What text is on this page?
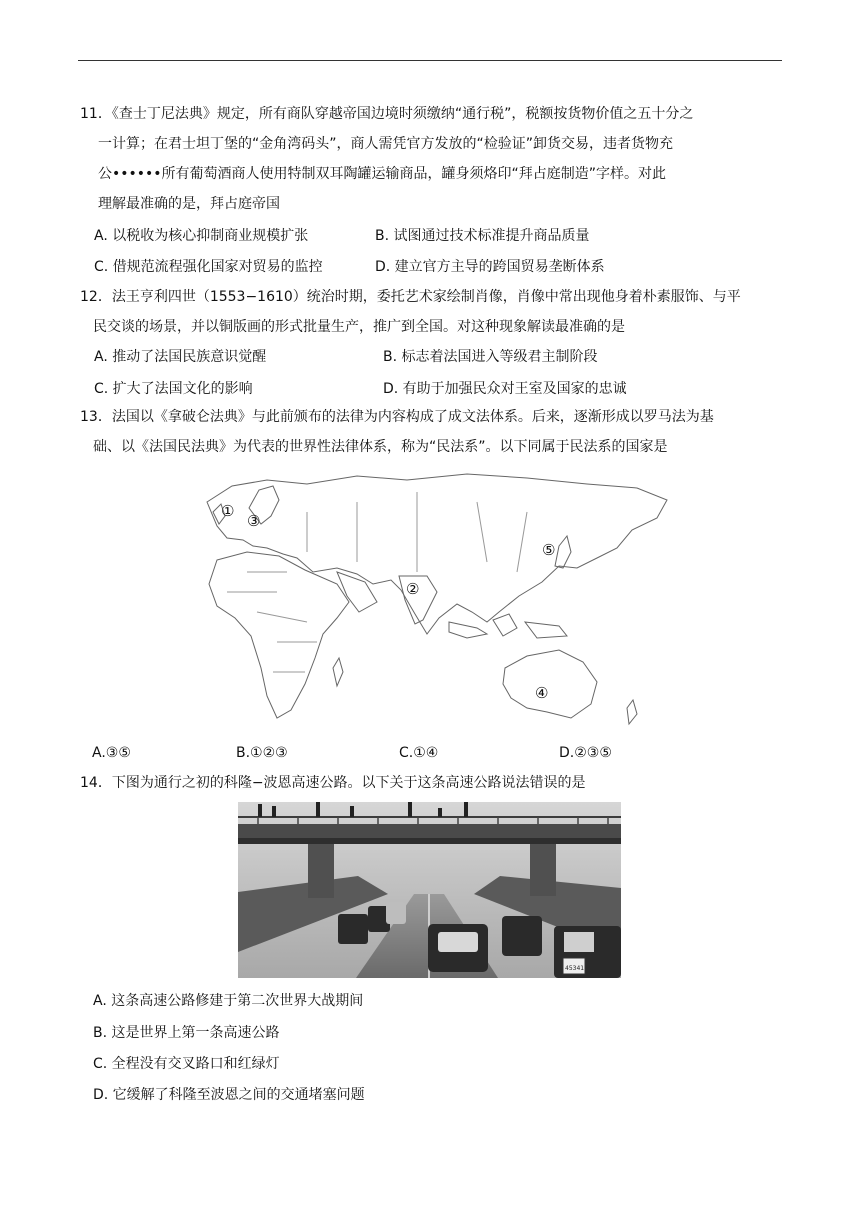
11．《查士丁尼法典》规定，所有商队穿越帝国边境时须缴纳“通行税”，税额按货物价值之五十分之
一计算；在君士坦丁堡的“金角湾码头”，商人需凭官方发放的“检验证”卸货交易，违者货物充
公••••••所有葡萄酒商人使用特制双耳陶罐运输商品，罐身须烙印“拜占庭制造”字样。对此
理解最准确的是，拜占庭帝国
A. 以税收为核心抑制商业规模扩张	B. 试图通过技术标准提升商品质量
C. 借规范流程强化国家对贸易的监控	D. 建立官方主导的跨国贸易垄断体系
12．法王亨利四世（1553−1610）统治时期，委托艺术家绘制肖像，肖像中常出现他身着朴素服饰、与平
民交谈的场景，并以铜版画的形式批量生产，推广到全国。对这种现象解读最准确的是
A. 推动了法国民族意识觉醒	B. 标志着法国进入等级君主制阶段
C. 扩大了法国文化的影响	D. 有助于加强民众对王室及国家的忠诚
13．法国以《拿破仑法典》与此前颁布的法律为内容构成了成文法体系。后来，逐渐形成以罗马法为基
础、以《法国民法典》为代表的世界性法律体系，称为“民法系”。以下同属于民法系的国家是
①
③
②
⑤
④
A.③⑤	B.①②③	C.①④	D.②③⑤
14．下图为通行之初的科隆−波恩高速公路。以下关于这条高速公路说法错误的是
45341
A. 这条高速公路修建于第二次世界大战期间
B. 这是世界上第一条高速公路
C. 全程没有交叉路口和红绿灯
D. 它缓解了科隆至波恩之间的交通堵塞问题
